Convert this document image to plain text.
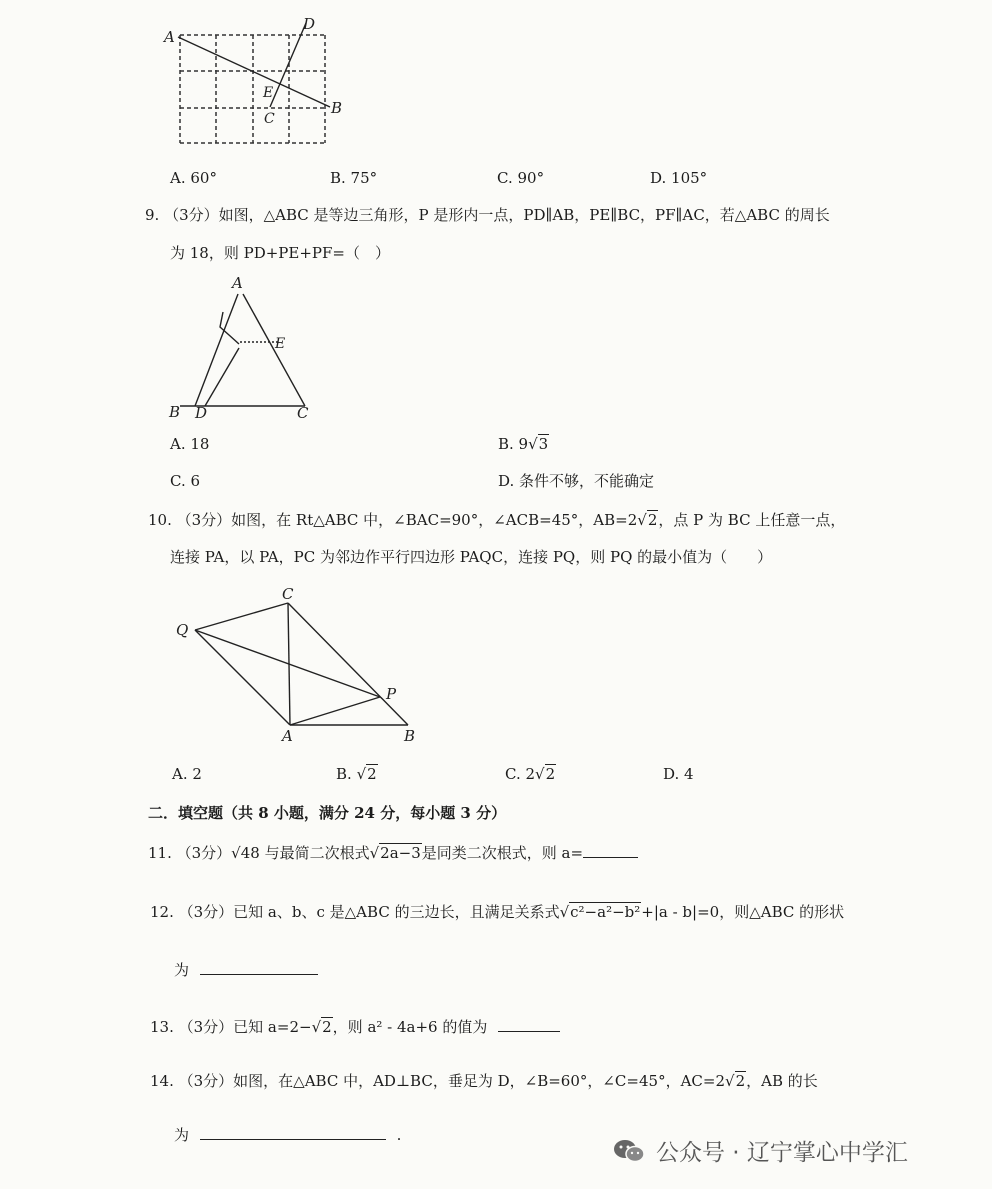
A
D
E
C
B
A. 60°	B. 75°	C. 90°	D. 105°
9. （3分）如图，△ABC 是等边三角形，P 是形内一点，PD∥AB，PE∥BC，PF∥AC，若△ABC 的周长
为 18，则 PD+PE+PF=（　）
A
E
B D	C
A. 18	B. 9√3
C. 6	D. 条件不够，不能确定
10. （3分）如图，在 Rt△ABC 中，∠BAC=90°，∠ACB=45°，AB=2√2，点 P 为 BC 上任意一点，
连接 PA，以 PA，PC 为邻边作平行四边形 PAQC，连接 PQ，则 PQ 的最小值为（　　）
C
Q
P
A	B
A. 2	B. √2	C. 2√2	D. 4
二．填空题（共 8 小题，满分 24 分，每小题 3 分）
11. （3分）√48 与最简二次根式√2a−3是同类二次根式，则 a=
12. （3分）已知 a、b、c 是△ABC 的三边长，且满足关系式√c²−a²−b²+|a - b|=0，则△ABC 的形状
为
13. （3分）已知 a=2−√2，则 a² - 4a+6 的值为
14. （3分）如图，在△ABC 中，AD⊥BC，垂足为 D，∠B=60°，∠C=45°，AC=2√2，AB 的长
为	.
公众号 · 辽宁掌心中学汇
